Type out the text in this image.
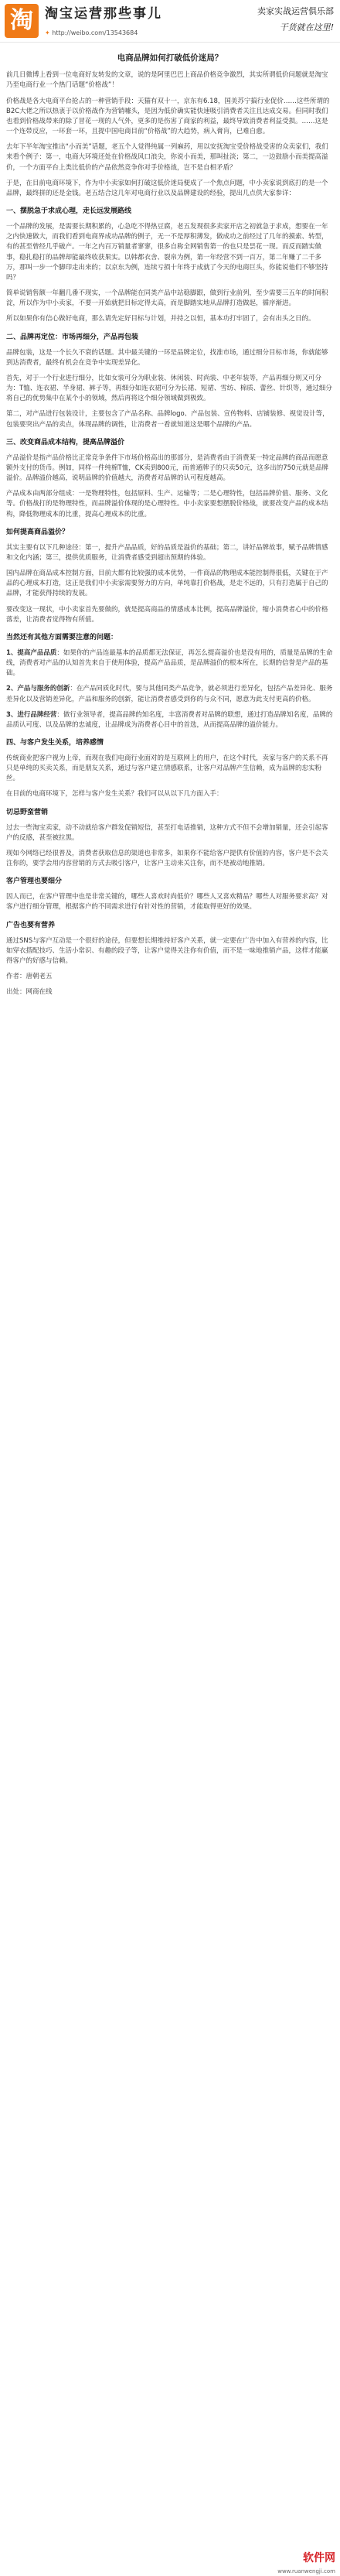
淘 淘宝运营那些事儿
✦ http://weibo.com/13543684
卖家实战运营俱乐部
干货就在这里!
电商品牌如何打破低价迷局？

前几日微博上看到一位电商好友转发的文章，说的是阿里巴巴上商品价格竞争激烈，其实所谓低价问题就是淘宝乃至电商行业一个热门话题“价格战”！

价格战是各大电商平台抢占的一种营销手段：天猫有双十一，京东有6.18，国美苏宁搞行业促价……这些所谓的B2C大佬之所以热衷于以价格战作为营销噱头，是因为低价确实能快速吸引消费者关注且达成交易。但同时我们也看到价格战带来的除了冒花一现的人气外，更多的是伤害了商家的利益，最终导致消费者利益受损。……这是一个连带反应，一环套一环，且提中国电商目前“价格战”的大趋势，病入膏肓，已难自愈。

去年下半年淘宝推出“小而美”话题，老五个人觉得纯属一列麻药，用以安抚淘宝受价格战受害的众卖家们，我们来看个例子：第一，电商大环境还处在价格战风口浪尖，你说小而美，那叫扯淡；第二，一边鼓励小而美提高溢价，一个方面平台上类比低价的产品依然竞争你对手价格战，岂不是自相矛盾？

于是，在目前电商环境下，作为中小卖家如何打破这低价迷局便成了一个焦点问题，中小卖家说到底打的是一个品牌，最终拼的还是金钱。老五结合这几年对电商行业以及品牌建设的经验，提出几点供大家参详：

一、摆脱急于求成心理，走长远发展路线

一个品牌的发展，是需要长期积累的，心急吃不得热豆腐，老五发现很多卖家开店之初就急于求成，想要在一年之内快速做大，而我们看到电商界成功品牌的例子，无一不是厚积薄发，做成功之前经过了几年的摸索、转型，有的甚至曾经几乎破产。一年之内百万销量者寥寥，很多自称全网销售第一的也只是昙花一现。而反而踏实做事，稳扎稳打的品牌却能最终收获果实。以韩都衣舍、裂帛为例，第一年经营不到一百万，第二年赚了二千多万，那叫一步一个脚印走出来的；以京东为例，连续亏损十年终于成就了今天的电商巨头，你能说他们不够坚持吗？

简单说销售额一年翻几番不现实，一个品牌能在同类产品中站稳脚跟，做到行业前列，至少需要三五年的时间积淀，所以作为中小卖家，不要一开始就把目标定得太高，而是脚踏实地从品牌打造做起，循序渐进。

所以如果你有信心做好电商，那么请先定好目标与计划，并持之以恒，基本功打牢固了，会有出头之日的。

二、品牌再定位：市场再细分，产品再包装

品牌包装，这是一个长久不衰的话题。其中最关键的一环是品牌定位，找准市场，通过细分目标市场，你就能够到达消费者，最终有机会在竞争中实现差异化。

首先，对于一个行业进行细分，比如女装可分为职业装、休闲装、时尚装、中老年装等，产品再细分则又可分为：T恤、连衣裙、半身裙、裤子等，再细分如连衣裙可分为长裙、短裙、雪纺、棉质、蕾丝、针织等，通过细分将自己的优势集中在某个小的领域，然后再将这个细分领域做到极致。

第二，对产品进行包装设计，主要包含了产品名称、品牌logo、产品包装、宣传物料、店铺装修、视觉设计等，包装要突出产品的卖点，体现品牌的调性，让消费者一看就知道这是哪个品牌的产品。

三、改变商品成本结构，提高品牌溢价

产品溢价是指产品价格比正常竞争条件下市场价格高出的那部分，是消费者由于消费某一特定品牌的商品而愿意额外支付的货币。例如，同样一件纯棉T恤，CK卖到800元，而普通牌子的只卖50元，这多出的750元就是品牌溢价。品牌溢价越高，说明品牌的价值越大，消费者对品牌的认可程度越高。

产品成本由两部分组成：一是物理特性，包括原料、生产、运输等；二是心理特性，包括品牌价值、服务、文化等。价格战打的是物理特性，而品牌溢价体现的是心理特性。中小卖家要想摆脱价格战，就要改变产品的成本结构，降低物理成本的比重，提高心理成本的比重。

如何提高商品溢价？

其实主要有以下几种途径：第一，提升产品品质，好的品质是溢价的基础；第二，讲好品牌故事，赋予品牌情感和文化内涵；第三，提供优质服务，让消费者感受到超出预期的体验。

国内品牌在商品成本控制方面，目前大都有比较强的成本优势，一件商品的物理成本能控制得很低，关键在于产品的心理成本打造，这正是我们中小卖家需要努力的方向，单纯靠打价格战，是走不远的，只有打造属于自己的品牌，才能获得持续的发展。

要改变这一现状，中小卖家首先要做的，就是提高商品的情感成本比例，提高品牌溢价，缩小消费者心中的价格落差，让消费者觉得物有所值。

当然还有其他方面需要注意的问题：

1、提高产品品质：如果你的产品连最基本的品质都无法保证，再怎么提高溢价也是没有用的，质量是品牌的生命线，消费者对产品的认知首先来自于使用体验，提高产品品质，是品牌溢价的根本所在，长期的信誉是产品的基础。

2、产品与服务的创新：在产品同质化时代，要与其他同类产品竞争，就必须进行差异化，包括产品差异化、服务差异化以及营销差异化，产品和服务的创新，能让消费者感受到你的与众不同，愿意为此支付更高的价格。

3、进行品牌经营：做行业领导者，提高品牌的知名度，丰富消费者对品牌的联想，通过打造品牌知名度，品牌的品质认可度、以及品牌的忠诚度，让品牌成为消费者心目中的首选，从而提高品牌的溢价能力。

四、与客户发生关系，培养感情

传统商业把客户视为上帝，而现在我们电商行业面对的是互联网上的用户，在这个时代，卖家与客户的关系不再只是单纯的买卖关系，而是朋友关系，通过与客户建立情感联系，让客户对品牌产生信赖，成为品牌的忠实粉丝。

在目前的电商环境下，怎样与客户发生关系？我们可以从以下几方面入手：

切忌野蛮营销

过去一些淘宝卖家，动不动就给客户群发促销短信，甚至打电话推销，这种方式不但不会增加销量，还会引起客户的反感，甚至被拉黑。

现如今网络已经很普及，消费者获取信息的渠道也非常多，如果你不能给客户提供有价值的内容，客户是不会关注你的，要学会用内容营销的方式去吸引客户，让客户主动来关注你，而不是被动地推销。

客户管理也要细分

因人而已，在客户管理中也是非常关键的，哪些人喜欢时尚低价？哪些人又喜欢精品？哪些人对服务要求高？对客户进行细分管理，根据客户的不同需求进行有针对性的营销，才能取得更好的效果。

广告也要有营养

通过SNS与客户互动是一个很好的途径，但要想长期维持好客户关系，就一定要在广告中加入有营养的内容，比如穿衣搭配技巧、生活小常识、有趣的段子等，让客户觉得关注你有价值，而不是一味地推销产品，这样才能赢得客户的好感与信赖。

作者：唐朝老五

出处：网商在线

软件网
www.ruanwengji.com
